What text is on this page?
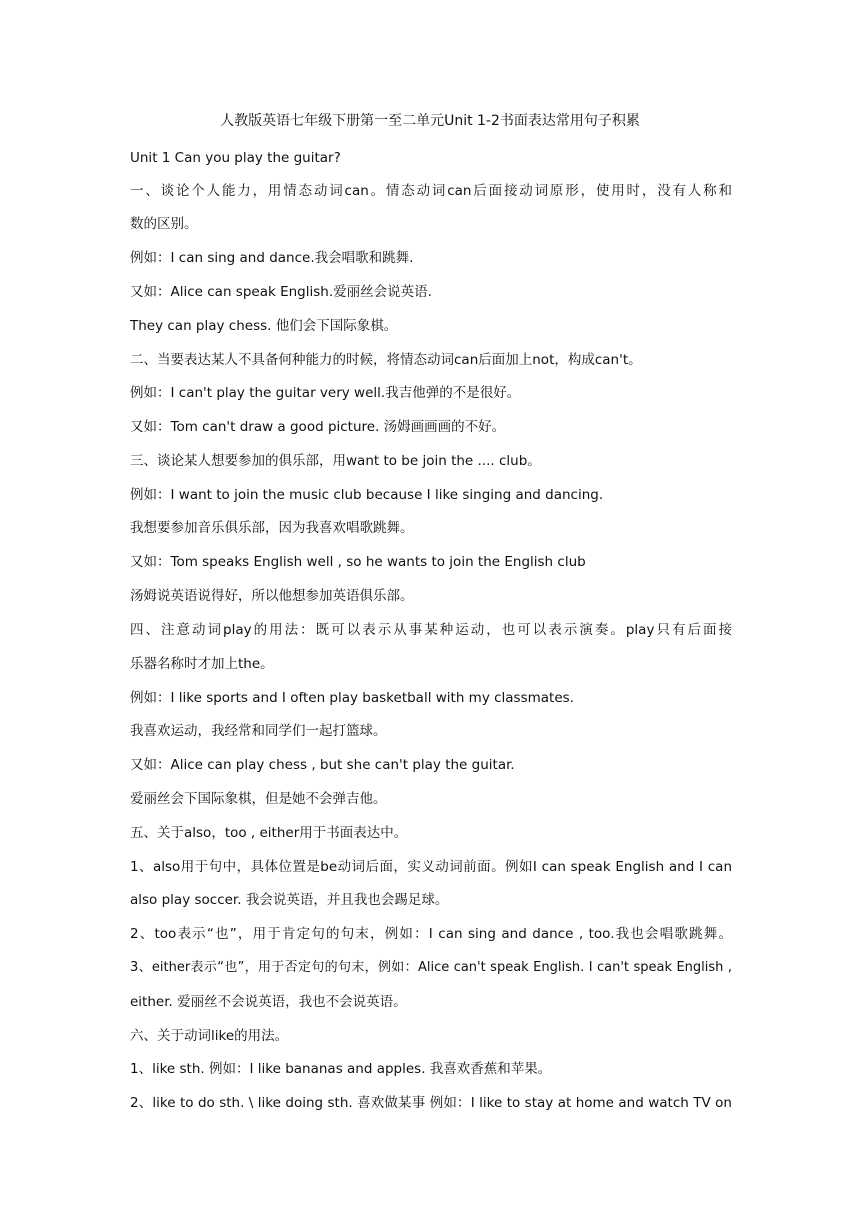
人教版英语七年级下册第一至二单元Unit 1-2书面表达常用句子积累
Unit 1 Can you play the guitar?
一、谈论个人能力，用情态动词can。情态动词can后面接动词原形，使用时，没有人称和
数的区别。
例如：I can sing and dance.我会唱歌和跳舞.
又如：Alice can speak English.爱丽丝会说英语.
They can play chess. 他们会下国际象棋。
二、当要表达某人不具备何种能力的时候，将情态动词can后面加上not，构成can't。
例如：I can't play the guitar very well.我吉他弹的不是很好。
又如：Tom can't draw a good picture. 汤姆画画画的不好。
三、谈论某人想要参加的俱乐部，用want to be join the .... club。
例如：I want to join the music club because I like singing and dancing.
我想要参加音乐俱乐部，因为我喜欢唱歌跳舞。
又如：Tom speaks English well , so he wants to join the English club
汤姆说英语说得好，所以他想参加英语俱乐部。
四、注意动词play的用法：既可以表示从事某种运动，也可以表示演奏。play只有后面接
乐器名称时才加上the。
例如：I like sports and I often play basketball with my classmates.
我喜欢运动，我经常和同学们一起打篮球。
又如：Alice can play chess , but she can't play the guitar.
爱丽丝会下国际象棋，但是她不会弹吉他。
五、关于also，too , either用于书面表达中。
1、also用于句中，具体位置是be动词后面，实义动词前面。例如I can speak English and I can
also play soccer. 我会说英语，并且我也会踢足球。
2、too表示“也”，用于肯定句的句末，例如：I can sing and dance , too.我也会唱歌跳舞。
3、either表示“也”，用于否定句的句末，例如：Alice can't speak English. I can't speak English ,
either. 爱丽丝不会说英语，我也不会说英语。
六、关于动词like的用法。
1、like sth. 例如：I like bananas and apples. 我喜欢香蕉和苹果。
2、like to do sth. \ like doing sth. 喜欢做某事 例如：I like to stay at home and watch TV on
